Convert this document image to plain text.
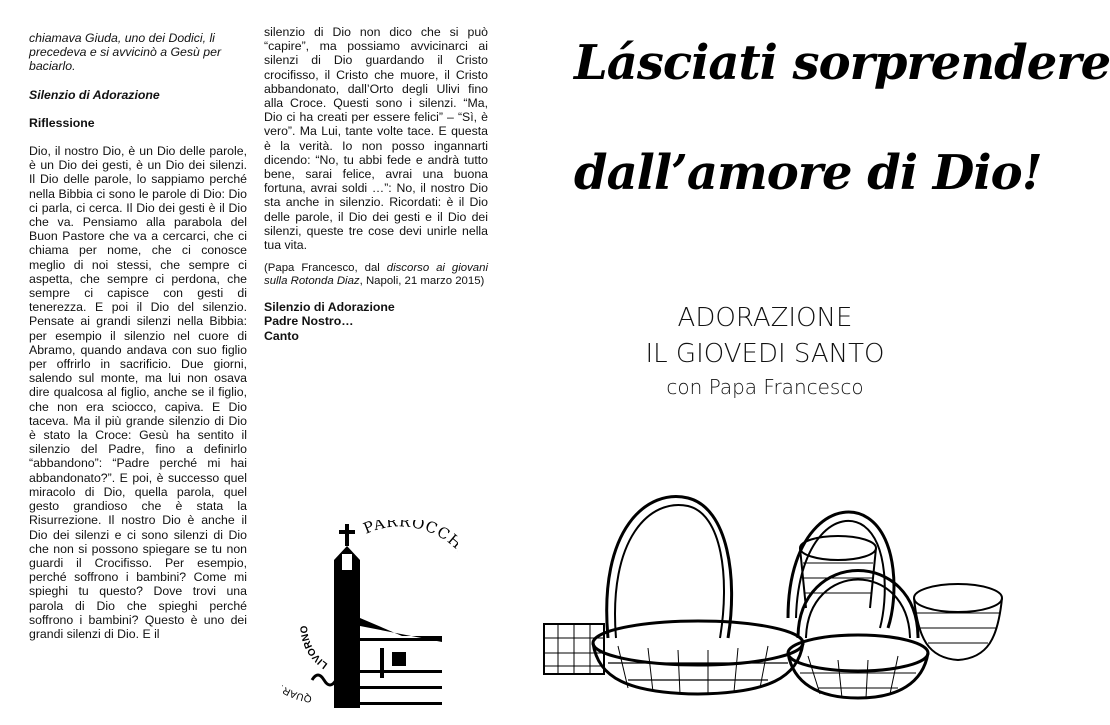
chiamava Giuda, uno dei Dodici, li precedeva e si avvicinò a Gesù per baciarlo.

Silenzio di Adorazione

Riflessione

Dio, il nostro Dio, è un Dio delle parole, è un Dio dei gesti, è un Dio dei silenzi. Il Dio delle parole, lo sappiamo perché nella Bibbia ci sono le parole di Dio: Dio ci parla, ci cerca. Il Dio dei gesti è il Dio che va. Pensiamo alla parabola del Buon Pastore che va a cercarci, che ci chiama per nome, che ci conosce meglio di noi stessi, che sempre ci aspetta, che sempre ci perdona, che sempre ci capisce con gesti di tenerezza. E poi il Dio del silenzio. Pensate ai grandi silenzi nella Bibbia: per esempio il silenzio nel cuore di Abramo, quando andava con suo figlio per offrirlo in sacrificio. Due giorni, salendo sul monte, ma lui non osava dire qualcosa al figlio, anche se il figlio, che non era sciocco, capiva. E Dio taceva. Ma il più grande silenzio di Dio è stato la Croce: Gesù ha sentito il silenzio del Padre, fino a definirlo “abbandono”: “Padre perché mi hai abbandonato?”. E poi, è successo quel miracolo di Dio, quella parola, quel gesto grandioso che è stata la Risurrezione. Il nostro Dio è anche il Dio dei silenzi e ci sono silenzi di Dio che non si possono spiegare se tu non guardi il Crocifisso. Per esempio, perché soffrono i bambini? Come mi spieghi tu questo? Dove trovi una parola di Dio che spieghi perché soffrono i bambini? Questo è uno dei grandi silenzi di Dio. E il

silenzio di Dio non dico che si può “capire”, ma possiamo avvicinarci ai silenzi di Dio guardando il Cristo crocifisso, il Cristo che muore, il Cristo abbandonato, dall’Orto degli Ulivi fino alla Croce. Questi sono i silenzi. “Ma, Dio ci ha creati per essere felici” – “Sì, è vero”. Ma Lui, tante volte tace. E questa è la verità. Io non posso ingannarti dicendo: “No, tu abbi fede e andrà tutto bene, sarai felice, avrai una buona fortuna, avrai soldi …”: No, il nostro Dio sta anche in silenzio. Ricordati: è il Dio delle parole, il Dio dei gesti e il Dio dei silenzi, queste tre cose devi unirle nella tua vita.

(Papa Francesco, dal discorso ai giovani sulla Rotonda Diaz, Napoli, 21 marzo 2015)

Silenzio di Adorazione

Padre Nostro…

Canto

PARROCC
QUAR
LIVORNO
Lásciati sorprendere
dall’amore di Dio!
ADORAZIONE
IL GIOVEDI SANTO
con Papa Francesco
